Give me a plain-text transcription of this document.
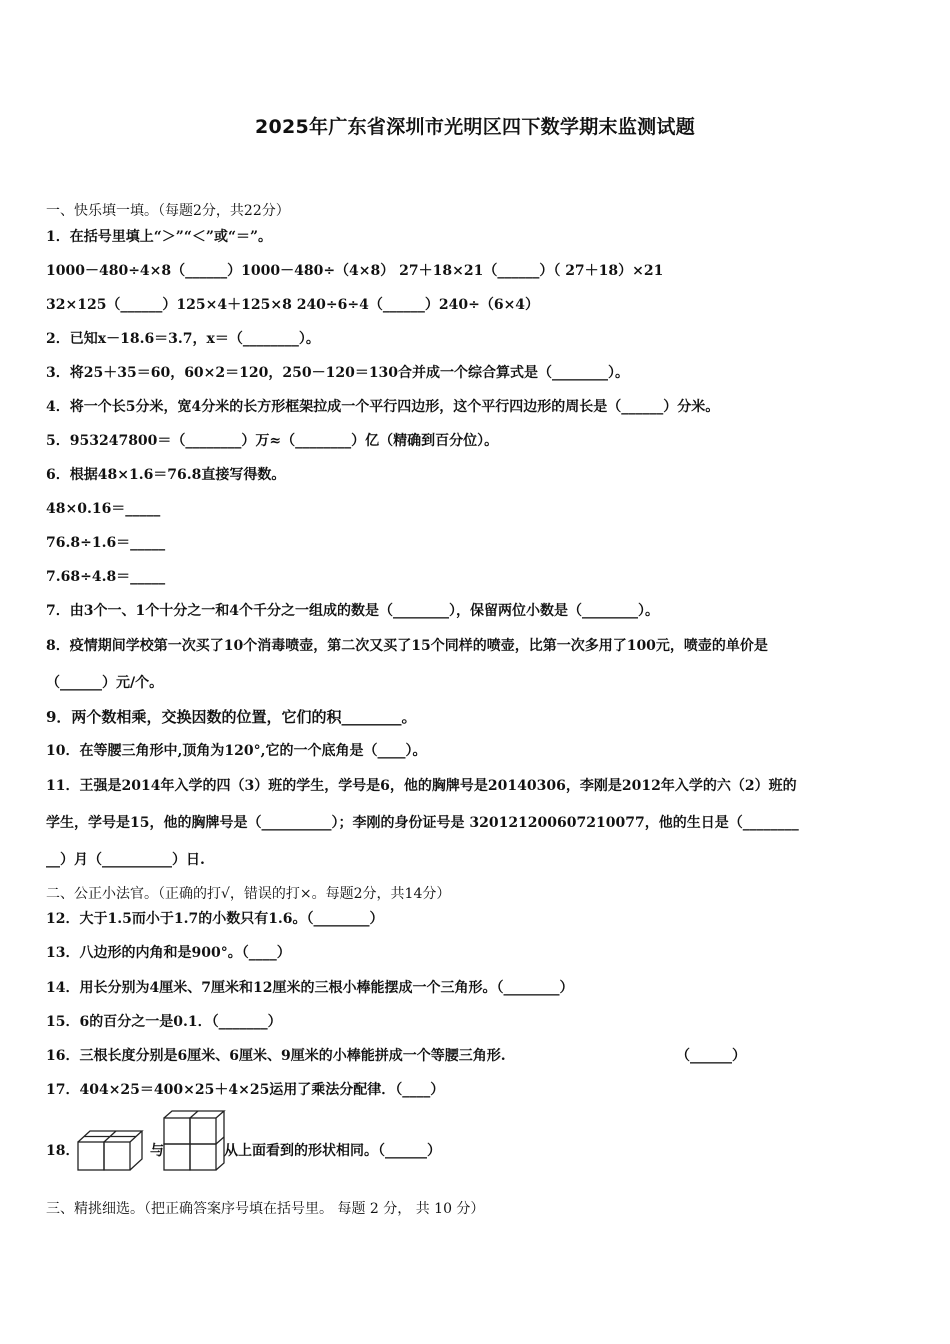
2025年广东省深圳市光明区四下数学期末监测试题
一、快乐填一填。（每题2分，共22分）
1．在括号里填上“＞”“＜”或“＝”。
1000－480÷4×8（______）1000－480÷（4×8） 27＋18×21（______）（ 27＋18）×21
32×125（______）125×4＋125×8 240÷6÷4（______）240÷（6×4）
2．已知x－18.6＝3.7，x＝（________）。
3．将25＋35＝60，60×2＝120，250－120＝130合并成一个综合算式是（________）。
4．将一个长5分米，宽4分米的长方形框架拉成一个平行四边形，这个平行四边形的周长是（______）分米。
5．953247800＝（________）万≈（________）亿（精确到百分位）。
6．根据48×1.6＝76.8直接写得数。
48×0.16＝_____
76.8÷1.6＝_____
7.68÷4.8＝_____
7．由3个一、1个十分之一和4个千分之一组成的数是（________），保留两位小数是（________）。
8．疫情期间学校第一次买了10个消毒喷壶，第二次又买了15个同样的喷壶，比第一次多用了100元，喷壶的单价是
（______）元/个。
9．两个数相乘，交换因数的位置，它们的积________。
10．在等腰三角形中,顶角为120°,它的一个底角是（____）。
11．王强是2014年入学的四（3）班的学生，学号是6，他的胸牌号是20140306，李刚是2012年入学的六（2）班的
学生，学号是15，他的胸牌号是（__________）；李刚的身份证号是 320121200607210077，他的生日是（________
__）月（__________）日.
二、公正小法官。（正确的打√，错误的打×。每题2分，共14分）
12．大于1.5而小于1.7的小数只有1.6。（________）
13．八边形的内角和是900°。（____）
14．用长分别为4厘米、7厘米和12厘米的三根小棒能摆成一个三角形。（________）
15．6的百分之一是0.1．（_______）
16．三根长度分别是6厘米、6厘米、9厘米的小棒能拼成一个等腰三角形.	（______）
17．404×25＝400×25＋4×25运用了乘法分配律．（____）
18．	与	从上面看到的形状相同。（______）
三、精挑细选。（把正确答案序号填在括号里。 每题 2 分， 共 10 分）
